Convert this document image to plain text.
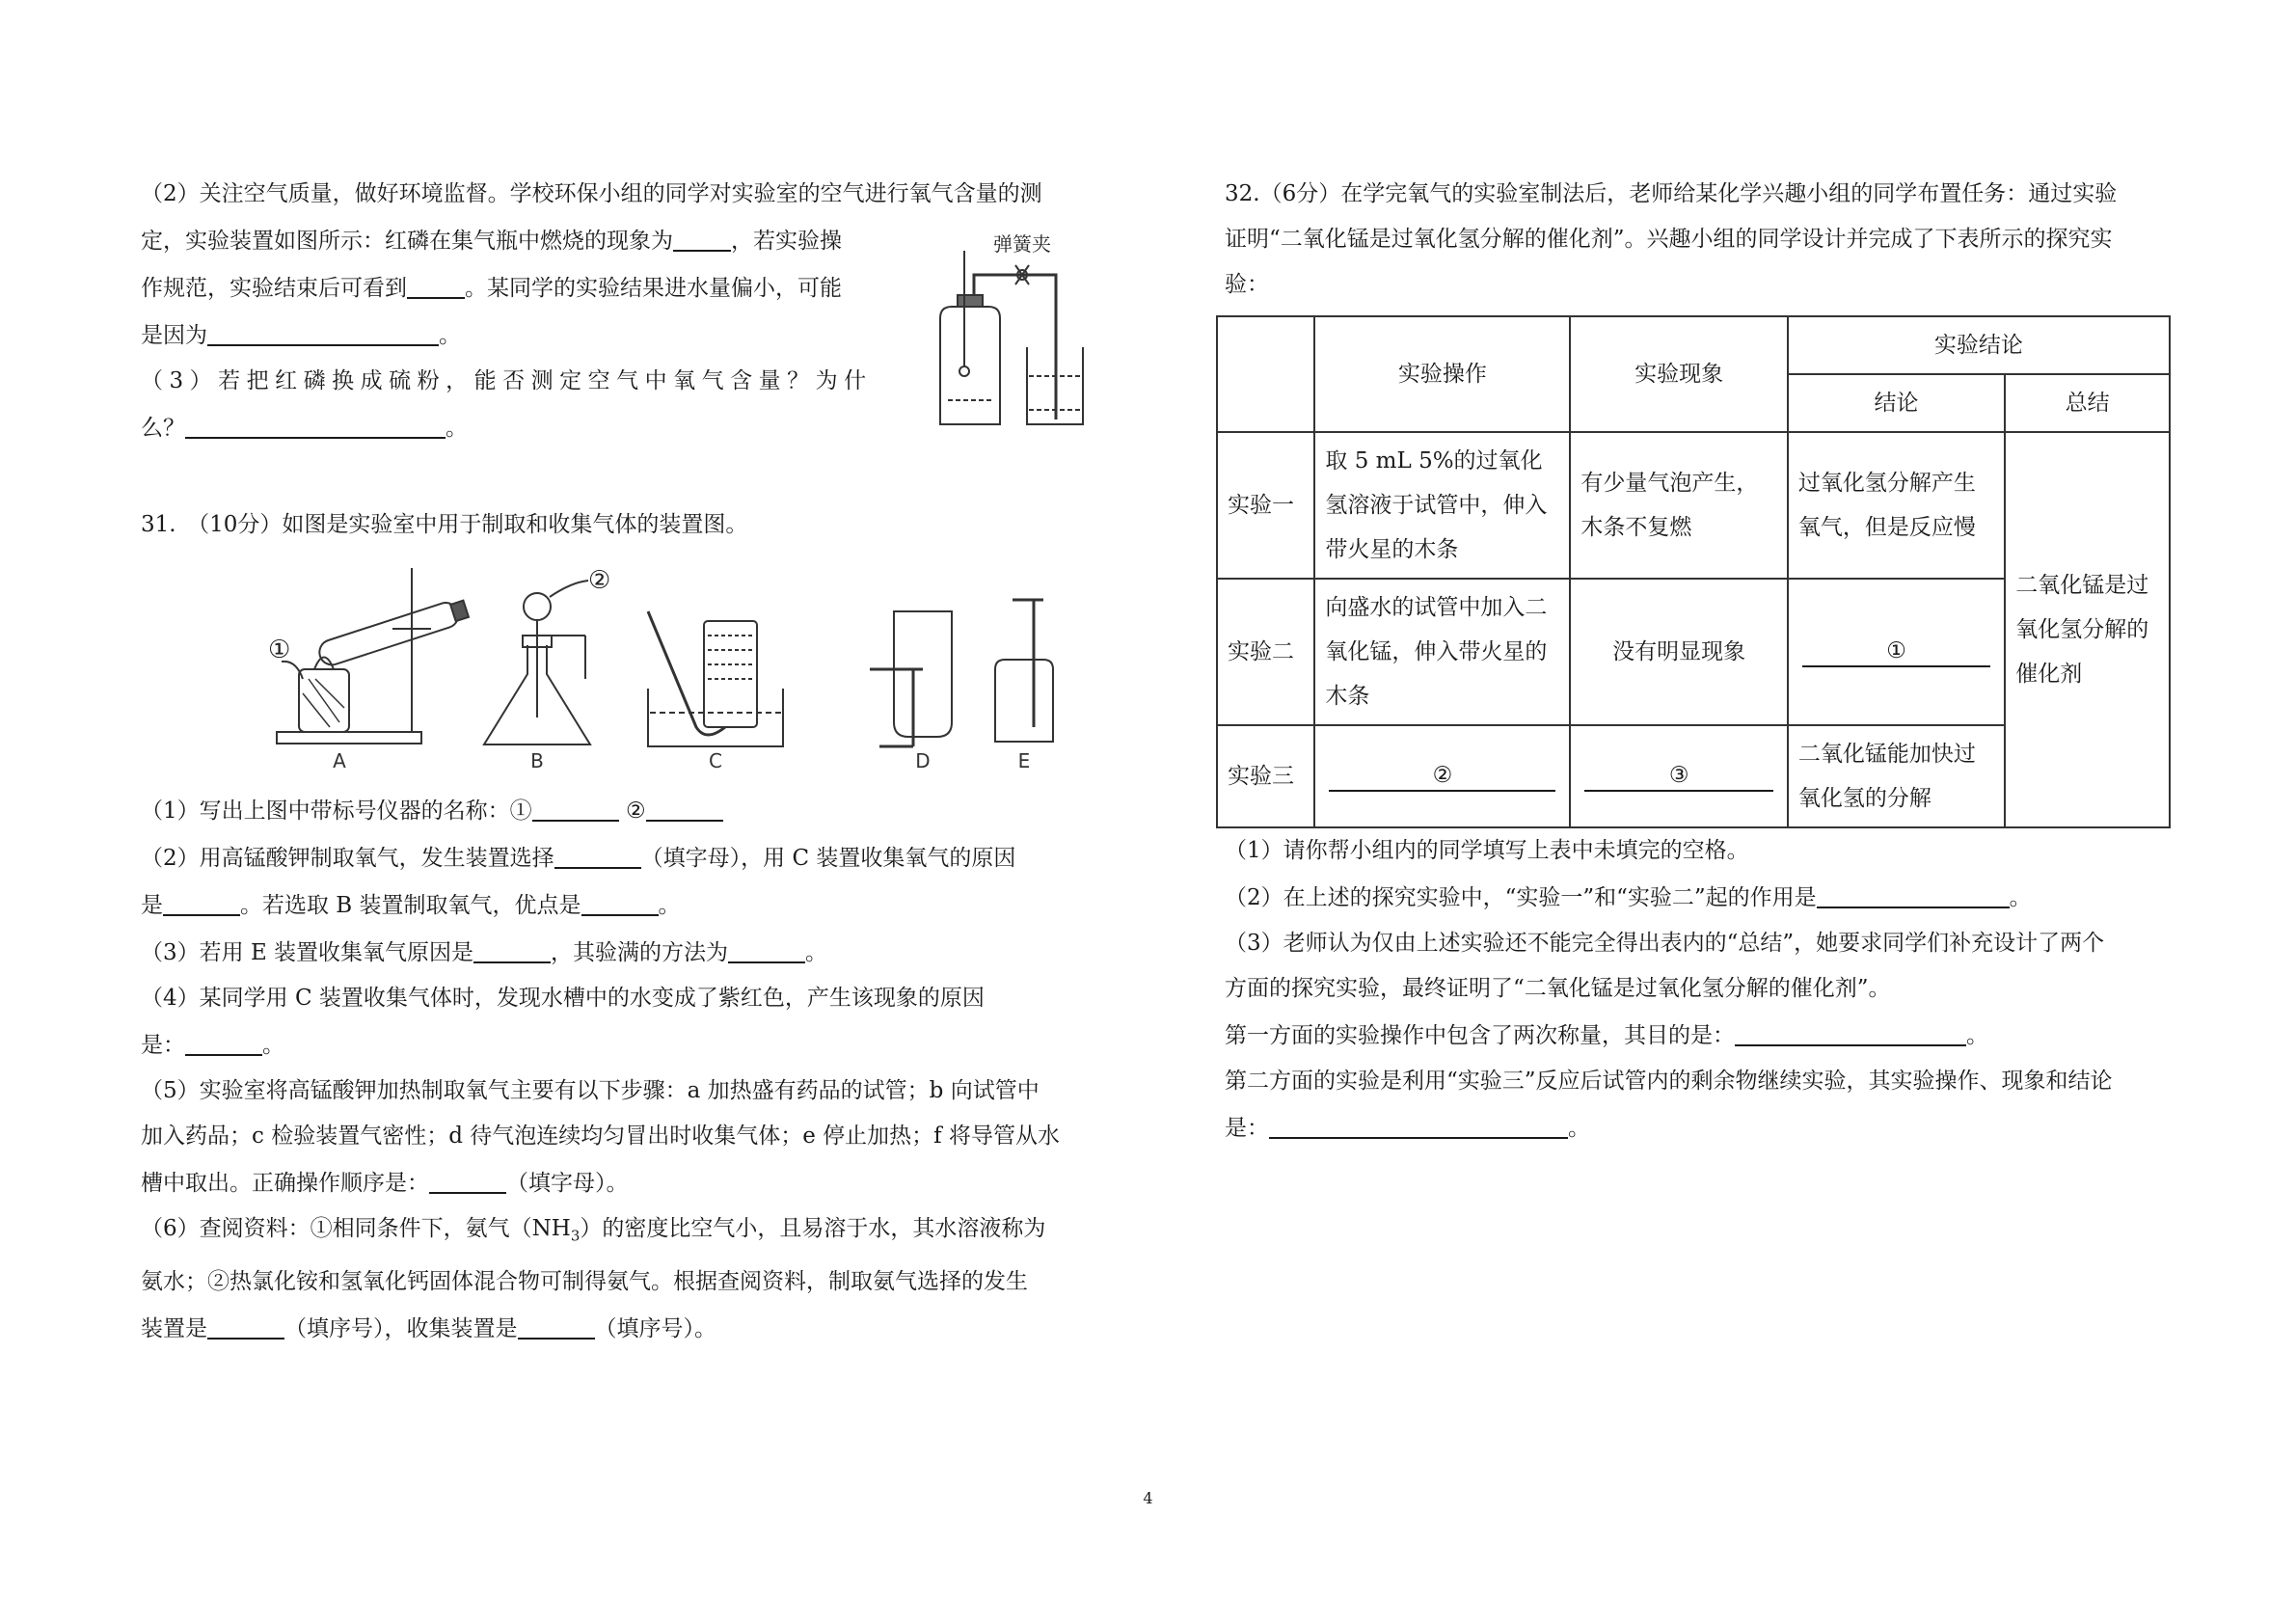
（2）关注空气质量，做好环境监督。学校环保小组的同学对实验室的空气进行氧气含量的测

定，实验装置如图所示：红磷在集气瓶中燃烧的现象为	，若实验操

作规范，实验结束后可看到	。某同学的实验结果进水量偏小，可能

是因为	。

（3）若把红磷换成硫粉，能否测定空气中氧气含量？为什

么？	。

31.　（10分）如图是实验室中用于制取和收集气体的装置图。

①
②
A	B	C	D	E

（1）写出上图中带标号仪器的名称：①	②

（2）用高锰酸钾制取氧气，发生装置选择	（填字母），用 C 装置收集氧气的原因

是	。若选取 B 装置制取氧气，优点是	。

（3）若用 E 装置收集氧气原因是	，其验满的方法为	。

（4）某同学用 C 装置收集气体时，发现水槽中的水变成了紫红色，产生该现象的原因

是：	。

（5）实验室将高锰酸钾加热制取氧气主要有以下步骤：a 加热盛有药品的试管；b 向试管中

加入药品；c 检验装置气密性；d 待气泡连续均匀冒出时收集气体；e 停止加热；f 将导管从水

槽中取出。正确操作顺序是：	（填字母）。

（6）查阅资料：①相同条件下，氨气$(NH_3)$的密度比空气小，且易溶于水，其水溶液称为

氨水；②热氯化铵和氢氧化钙固体混合物可制得氨气。根据查阅资料，制取氨气选择的发生

装置是	（填序号），收集装置是	（填序号）。

弹簧夹

32.（6分）在学完氧气的实验室制法后，老师给某化学兴趣小组的同学布置任务：通过实验

证明“二氧化锰是过氧化氢分解的催化剂”。兴趣小组的同学设计并完成了下表所示的探究实

验：

	实验操作	实验现象	实验结论	
			结论	总结
实验一	取 5 mL 5%的过氧化氢溶液于试管中，伸入带火星的木条	有少量气泡产生，木条不复燃	过氧化氢分解产生氧气，但是反应慢	二氧化锰是过氧化氢分解的催化剂
实验二	向盛水的试管中加入二氧化锰，伸入带火星的木条	没有明显现象	①	

实验三	②	③	二氧化锰能加快过氧化氢的分解	

（1）请你帮小组内的同学填写上表中未填完的空格。

（2）在上述的探究实验中，“实验一”和“实验二”起的作用是	。

（3）老师认为仅由上述实验还不能完全得出表内的“总结”，她要求同学们补充设计了两个

方面的探究实验，最终证明了“二氧化锰是过氧化氢分解的催化剂”。

第一方面的实验操作中包含了两次称量，其目的是：	。

第二方面的实验是利用“实验三”反应后试管内的剩余物继续实验，其实验操作、现象和结论

是：	。

4
